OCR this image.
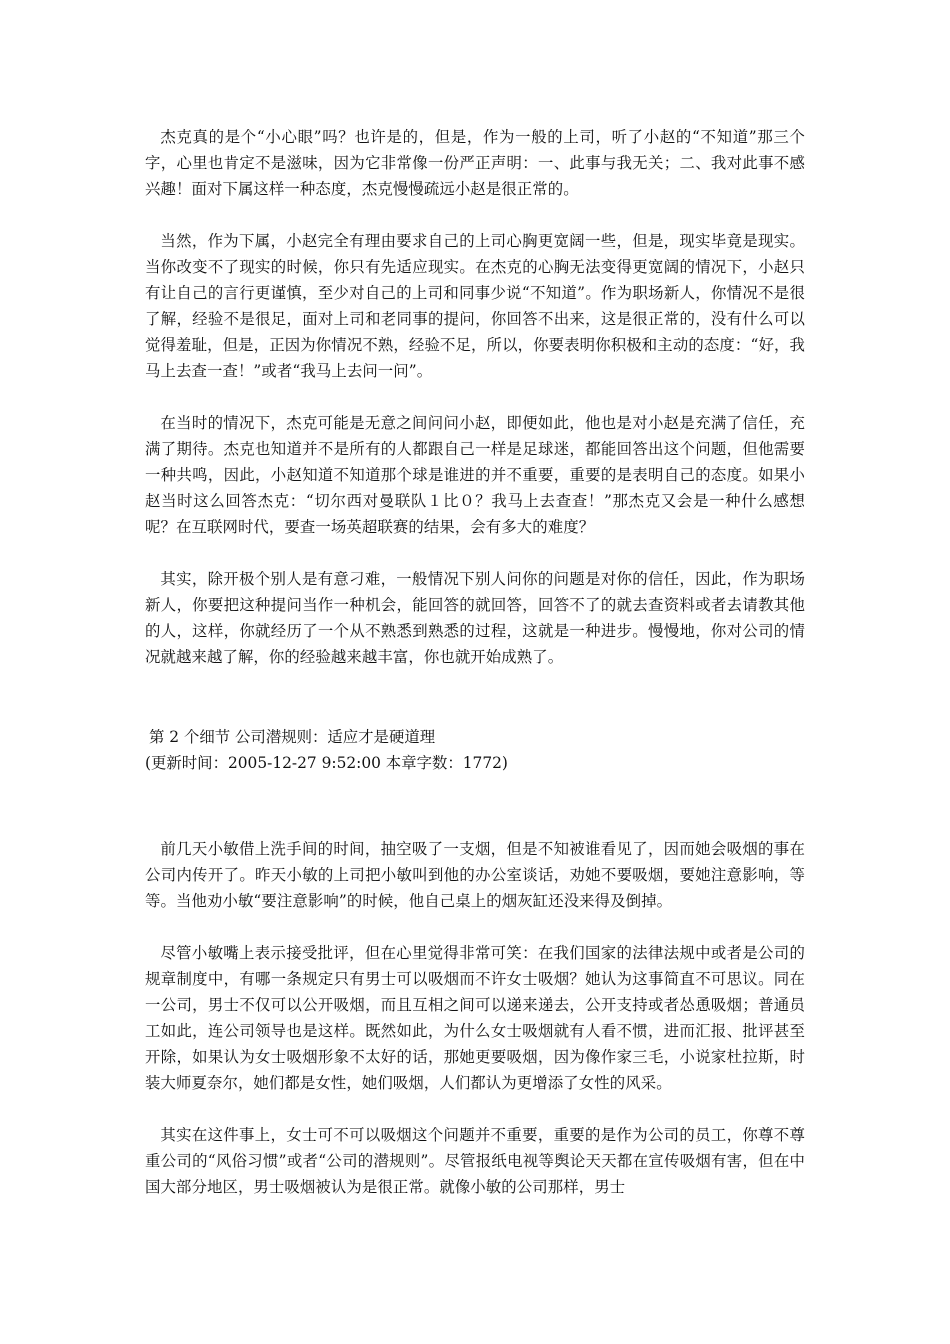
杰克真的是个“小心眼”吗？也许是的，但是，作为一般的上司，听了小赵的“不知道”那三个字，心里也肯定不是滋味，因为它非常像一份严正声明：一、此事与我无关；二、我对此事不感兴趣！面对下属这样一种态度，杰克慢慢疏远小赵是很正常的。

当然，作为下属，小赵完全有理由要求自己的上司心胸更宽阔一些，但是，现实毕竟是现实。当你改变不了现实的时候，你只有先适应现实。在杰克的心胸无法变得更宽阔的情况下，小赵只有让自己的言行更谨慎，至少对自己的上司和同事少说“不知道”。作为职场新人，你情况不是很了解，经验不是很足，面对上司和老同事的提问，你回答不出来，这是很正常的，没有什么可以觉得羞耻，但是，正因为你情况不熟，经验不足，所以，你要表明你积极和主动的态度：“好，我马上去查一查！”或者“我马上去问一问”。

在当时的情况下，杰克可能是无意之间问问小赵，即便如此，他也是对小赵是充满了信任，充满了期待。杰克也知道并不是所有的人都跟自己一样是足球迷，都能回答出这个问题，但他需要一种共鸣，因此，小赵知道不知道那个球是谁进的并不重要，重要的是表明自己的态度。如果小赵当时这么回答杰克：“切尔西对曼联队１比０？我马上去查查！”那杰克又会是一种什么感想呢？在互联网时代，要查一场英超联赛的结果，会有多大的难度？

其实，除开极个别人是有意刁难，一般情况下别人问你的问题是对你的信任，因此，作为职场新人，你要把这种提问当作一种机会，能回答的就回答，回答不了的就去查资料或者去请教其他的人，这样，你就经历了一个从不熟悉到熟悉的过程，这就是一种进步。慢慢地，你对公司的情况就越来越了解，你的经验越来越丰富，你也就开始成熟了。

第 2 个细节 公司潜规则：适应才是硬道理

(更新时间：2005-12-27 9:52:00 本章字数：1772)

前几天小敏借上洗手间的时间，抽空吸了一支烟，但是不知被谁看见了，因而她会吸烟的事在公司内传开了。昨天小敏的上司把小敏叫到他的办公室谈话，劝她不要吸烟，要她注意影响，等等。当他劝小敏“要注意影响”的时候，他自己桌上的烟灰缸还没来得及倒掉。

尽管小敏嘴上表示接受批评，但在心里觉得非常可笑：在我们国家的法律法规中或者是公司的规章制度中，有哪一条规定只有男士可以吸烟而不许女士吸烟？她认为这事简直不可思议。同在一公司，男士不仅可以公开吸烟，而且互相之间可以递来递去，公开支持或者怂恿吸烟；普通员工如此，连公司领导也是这样。既然如此，为什么女士吸烟就有人看不惯，进而汇报、批评甚至开除，如果认为女士吸烟形象不太好的话，那她更要吸烟，因为像作家三毛，小说家杜拉斯，时装大师夏奈尔，她们都是女性，她们吸烟，人们都认为更增添了女性的风采。

其实在这件事上，女士可不可以吸烟这个问题并不重要，重要的是作为公司的员工，你尊不尊重公司的“风俗习惯”或者“公司的潜规则”。尽管报纸电视等舆论天天都在宣传吸烟有害，但在中国大部分地区，男士吸烟被认为是很正常。就像小敏的公司那样，男士
